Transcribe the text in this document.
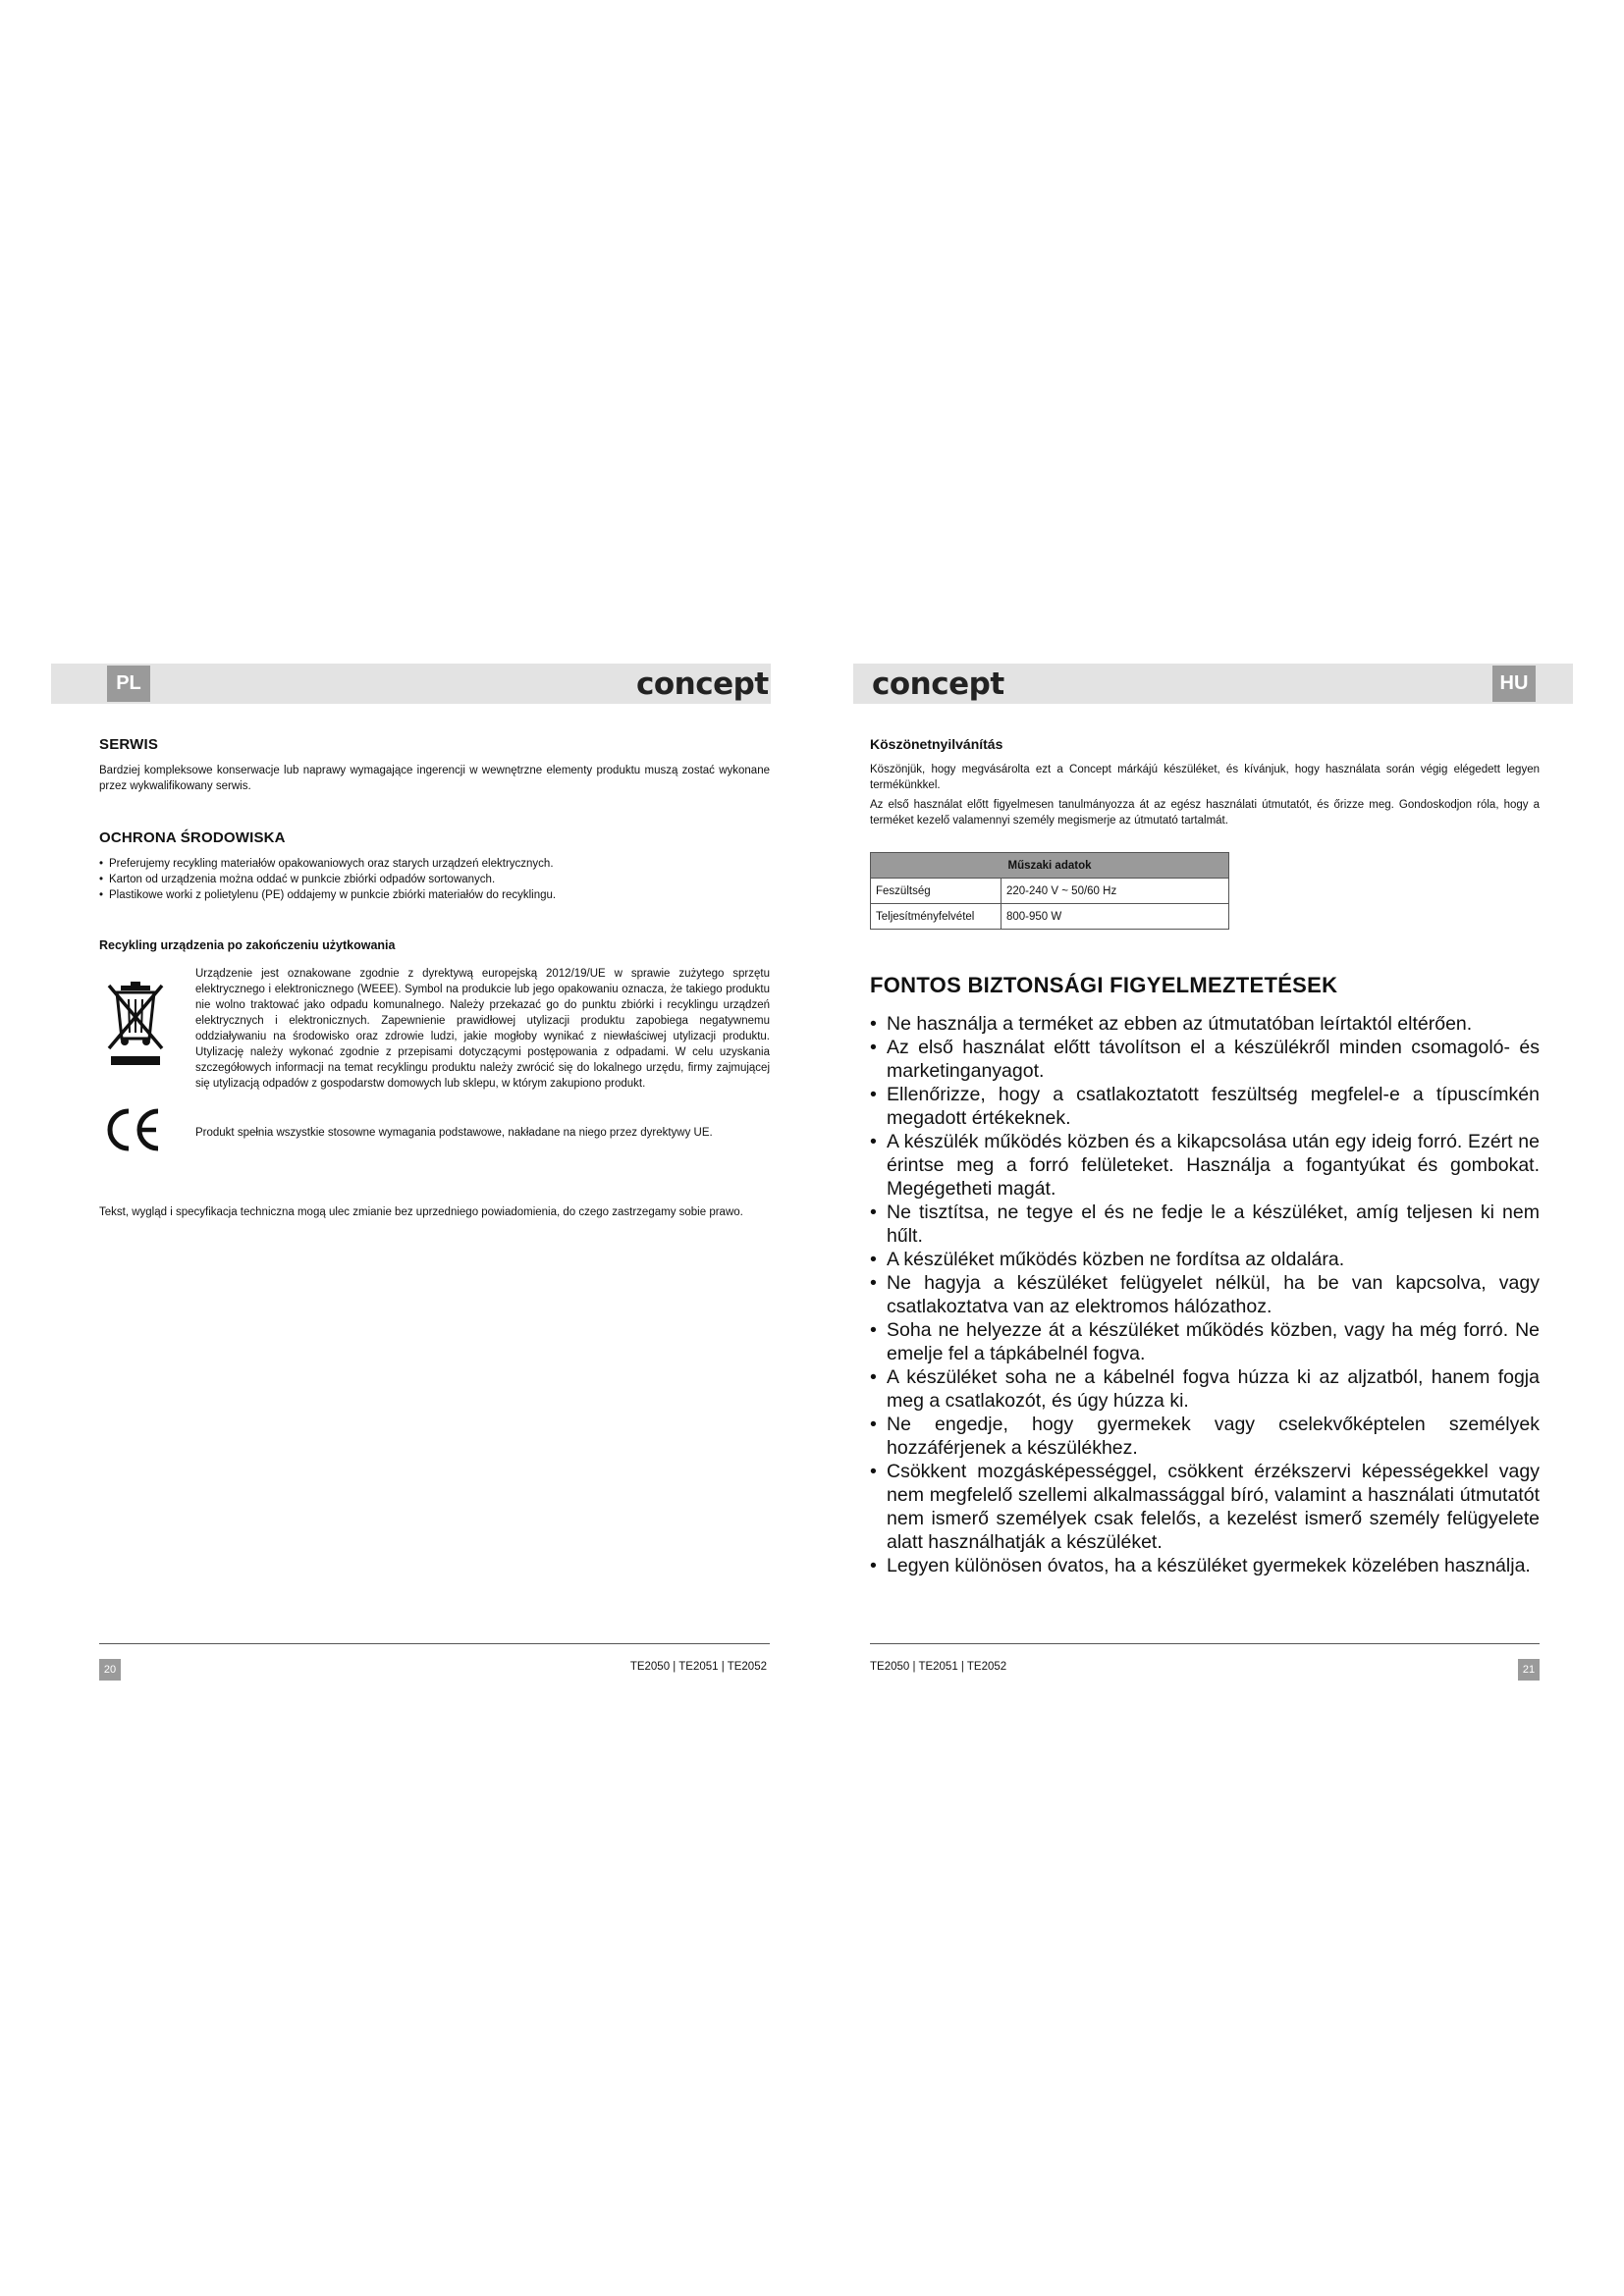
PL	HU
concept	concept
SERWIS

Bardziej kompleksowe konserwacje lub naprawy wymagające ingerencji w wewnętrzne elementy produktu muszą zostać wykonane przez wykwalifikowany serwis.

OCHRONA ŚRODOWISKA
• Preferujemy recykling materiałów opakowaniowych oraz starych urządzeń elektrycznych.
• Karton od urządzenia można oddać w punkcie zbiórki odpadów sortowanych.
• Plastikowe worki z polietylenu (PE) oddajemy w punkcie zbiórki materiałów do recyklingu.
Recykling urządzenia po zakończeniu użytkowania

Urządzenie jest oznakowane zgodnie z dyrektywą europejską 2012/19/UE w sprawie zużytego sprzętu elektrycznego i elektronicznego (WEEE). Symbol na produkcie lub jego opakowaniu oznacza, że takiego produktu nie wolno traktować jako odpadu komunalnego. Należy przekazać go do punktu zbiórki i recyklingu urządzeń elektrycznych i elektronicznych. Zapewnienie prawidłowej utylizacji produktu zapobiega negatywnemu oddziaływaniu na środowisko oraz zdrowie ludzi, jakie mogłoby wynikać z niewłaściwej utylizacji produktu. Utylizację należy wykonać zgodnie z przepisami dotyczącymi postępowania z odpadami. W celu uzyskania szczegółowych informacji na temat recyklingu produktu należy zwrócić się do lokalnego urzędu, firmy zajmującej się utylizacją odpadów z gospodarstw domowych lub sklepu, w którym zakupiono produkt.

Produkt spełnia wszystkie stosowne wymagania podstawowe, nakładane na niego przez dyrektywy UE.

Tekst, wygląd i specyfikacja techniczna mogą ulec zmianie bez uprzedniego powiadomienia, do czego zastrzegamy sobie prawo.

Köszönetnyilvánítás

Köszönjük, hogy megvásárolta ezt a Concept márkájú készüléket, és kívánjuk, hogy használata során végig elégedett legyen termékünkkel.

Az első használat előtt figyelmesen tanulmányozza át az egész használati útmutatót, és őrizze meg. Gondoskodjon róla, hogy a terméket kezelő valamennyi személy megismerje az útmutató tartalmát.

Műszaki adatok	
Feszültség	220-240 V ~ 50/60 Hz
Teljesítményfelvétel	800-950 W
FONTOS BIZTONSÁGI FIGYELMEZTETÉSEK
• Ne használja a terméket az ebben az útmutatóban leírtaktól eltérően.
• Az első használat előtt távolítson el a készülékről minden csomagoló- és marketinganyagot.
• Ellenőrizze, hogy a csatlakoztatott feszültség megfelel-e a típuscímkén megadott értékeknek.
• A készülék működés közben és a kikapcsolása után egy ideig forró. Ezért ne érintse meg a forró felületeket. Használja a fogantyúkat és gombokat. Megégetheti magát.
• Ne tisztítsa, ne tegye el és ne fedje le a készüléket, amíg teljesen ki nem hűlt.
• A készüléket működés közben ne fordítsa az oldalára.
• Ne hagyja a készüléket felügyelet nélkül, ha be van kapcsolva, vagy csatlakoztatva van az elektromos hálózathoz.
• Soha ne helyezze át a készüléket működés közben, vagy ha még forró. Ne emelje fel a tápkábelnél fogva.
• A készüléket soha ne a kábelnél fogva húzza ki az aljzatból, hanem fogja meg a csatlakozót, és úgy húzza ki.
• Ne engedje, hogy gyermekek vagy cselekvőképtelen személyek hozzáférjenek a készülékhez.
• Csökkent mozgásképességgel, csökkent érzékszervi képességekkel vagy nem megfelelő szellemi alkalmassággal bíró, valamint a használati útmutatót nem ismerő személyek csak felelős, a kezelést ismerő személy felügyelete alatt használhatják a készüléket.
• Legyen különösen óvatos, ha a készüléket gyermekek közelében használja.
20	21
TE2050 | TE2051 | TE2052	TE2050 | TE2051 | TE2052
